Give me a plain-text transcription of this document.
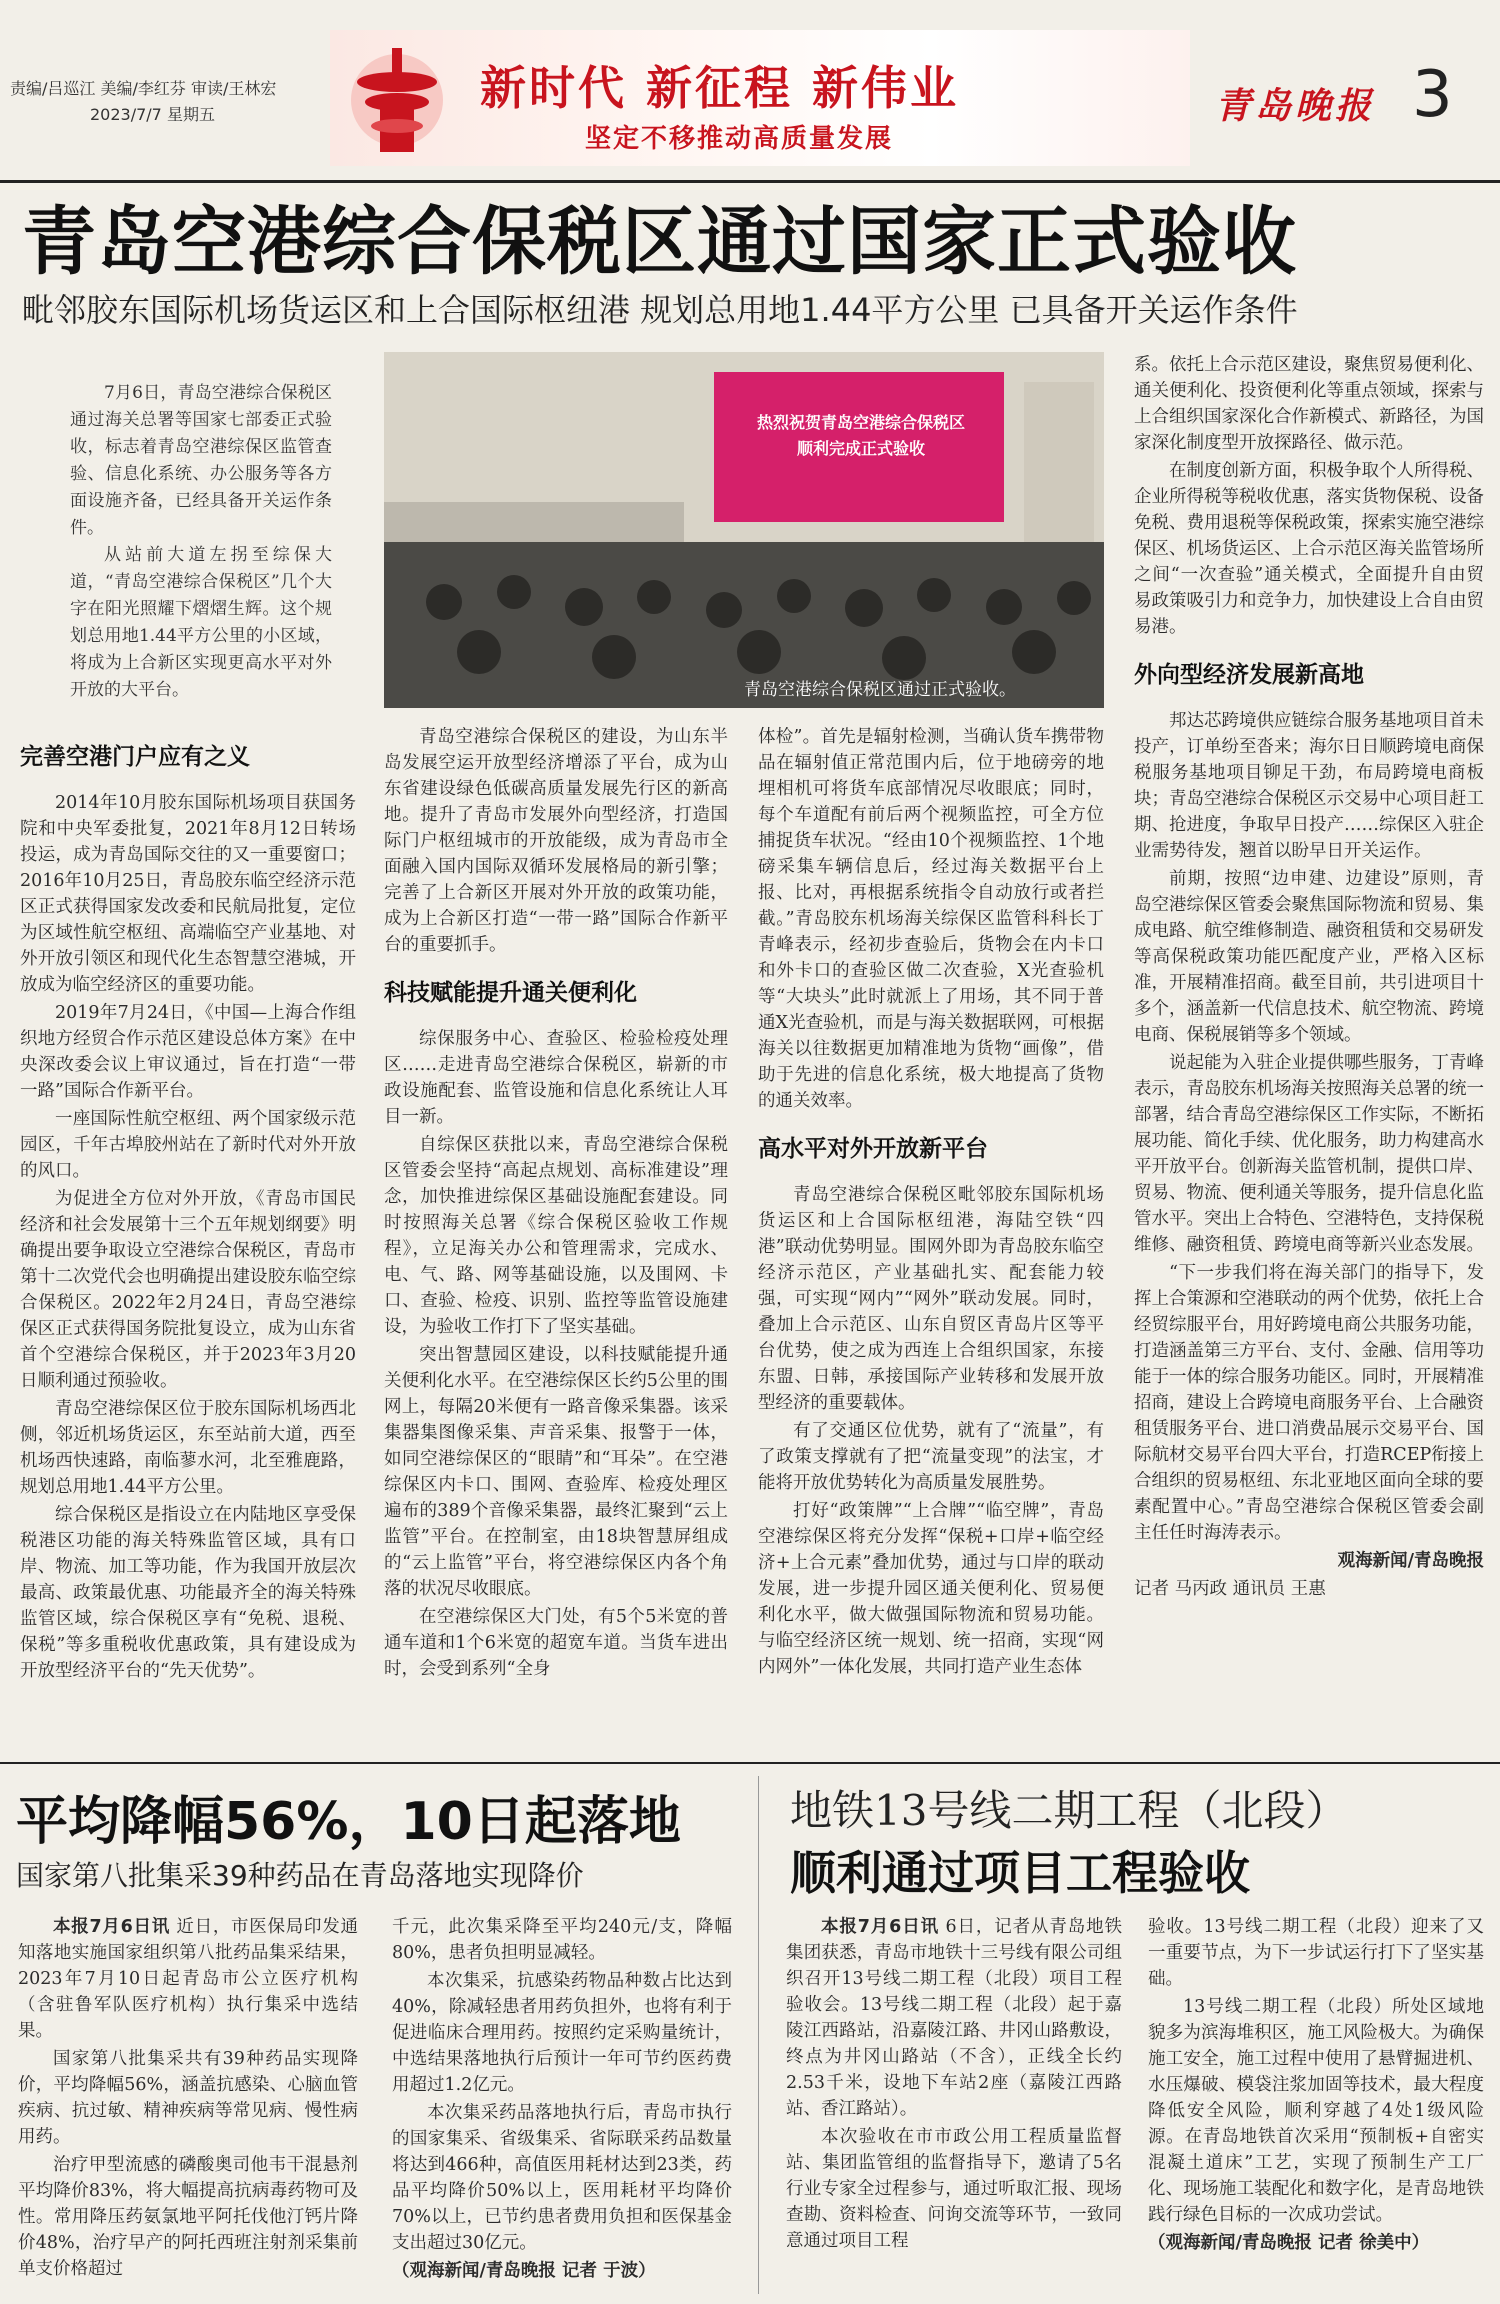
责编/吕巡江 美编/李红芬 审读/王林宏
2023/7/7 星期五	新时代 新征程 新伟业
坚定不移推动高质量发展
青岛晚报 3
青岛空港综合保税区通过国家正式验收
毗邻胶东国际机场货运区和上合国际枢纽港 规划总用地1.44平方公里 已具备开关运作条件

7月6日，青岛空港综合保税区通过海关总署等国家七部委正式验收，标志着青岛空港综保区监管查验、信息化系统、办公服务等各方面设施齐备，已经具备开关运作条件。

从站前大道左拐至综保大道，“青岛空港综合保税区”几个大字在阳光照耀下熠熠生辉。这个规划总用地1.44平方公里的小区域，将成为上合新区实现更高水平对外开放的大平台。

热烈祝贺青岛空港综合保税区
顺利完成正式验收
青岛空港综合保税区通过正式验收。
完善空港门户应有之义

2014年10月胶东国际机场项目获国务院和中央军委批复，2021年8月12日转场投运，成为青岛国际交往的又一重要窗口；2016年10月25日，青岛胶东临空经济示范区正式获得国家发改委和民航局批复，定位为区域性航空枢纽、高端临空产业基地、对外开放引领区和现代化生态智慧空港城，开放成为临空经济区的重要功能。

2019年7月24日，《中国—上海合作组织地方经贸合作示范区建设总体方案》在中央深改委会议上审议通过，旨在打造“一带一路”国际合作新平台。

一座国际性航空枢纽、两个国家级示范园区，千年古埠胶州站在了新时代对外开放的风口。

为促进全方位对外开放，《青岛市国民经济和社会发展第十三个五年规划纲要》明确提出要争取设立空港综合保税区，青岛市第十二次党代会也明确提出建设胶东临空综合保税区。2022年2月24日，青岛空港综保区正式获得国务院批复设立，成为山东省首个空港综合保税区，并于2023年3月20日顺利通过预验收。

青岛空港综保区位于胶东国际机场西北侧，邻近机场货运区，东至站前大道，西至机场西快速路，南临蓼水河，北至雅鹿路，规划总用地1.44平方公里。

综合保税区是指设立在内陆地区享受保税港区功能的海关特殊监管区域，具有口岸、物流、加工等功能，作为我国开放层次最高、政策最优惠、功能最齐全的海关特殊监管区域，综合保税区享有“免税、退税、保税”等多重税收优惠政策，具有建设成为开放型经济平台的“先天优势”。

青岛空港综合保税区的建设，为山东半岛发展空运开放型经济增添了平台，成为山东省建设绿色低碳高质量发展先行区的新高地。提升了青岛市发展外向型经济，打造国际门户枢纽城市的开放能级，成为青岛市全面融入国内国际双循环发展格局的新引擎；完善了上合新区开展对外开放的政策功能，成为上合新区打造“一带一路”国际合作新平台的重要抓手。

科技赋能提升通关便利化

综保服务中心、查验区、检验检疫处理区……走进青岛空港综合保税区，崭新的市政设施配套、监管设施和信息化系统让人耳目一新。

自综保区获批以来，青岛空港综合保税区管委会坚持“高起点规划、高标准建设”理念，加快推进综保区基础设施配套建设。同时按照海关总署《综合保税区验收工作规程》，立足海关办公和管理需求，完成水、电、气、路、网等基础设施，以及围网、卡口、查验、检疫、识别、监控等监管设施建设，为验收工作打下了坚实基础。

突出智慧园区建设，以科技赋能提升通关便利化水平。在空港综保区长约5公里的围网上，每隔20米便有一路音像采集器。该采集器集图像采集、声音采集、报警于一体，如同空港综保区的“眼睛”和“耳朵”。在空港综保区内卡口、围网、查验库、检疫处理区遍布的389个音像采集器，最终汇聚到“云上监管”平台。在控制室，由18块智慧屏组成的“云上监管”平台，将空港综保区内各个角落的状况尽收眼底。

在空港综保区大门处，有5个5米宽的普通车道和1个6米宽的超宽车道。当货车进出时，会受到系列“全身

体检”。首先是辐射检测，当确认货车携带物品在辐射值正常范围内后，位于地磅旁的地埋相机可将货车底部情况尽收眼底；同时，每个车道配有前后两个视频监控，可全方位捕捉货车状况。“经由10个视频监控、1个地磅采集车辆信息后，经过海关数据平台上报、比对，再根据系统指令自动放行或者拦截。”青岛胶东机场海关综保区监管科科长丁青峰表示，经初步查验后，货物会在内卡口和外卡口的查验区做二次查验，X光查验机等“大块头”此时就派上了用场，其不同于普通X光查验机，而是与海关数据联网，可根据海关以往数据更加精准地为货物“画像”，借助于先进的信息化系统，极大地提高了货物的通关效率。

高水平对外开放新平台

青岛空港综合保税区毗邻胶东国际机场货运区和上合国际枢纽港，海陆空铁“四港”联动优势明显。围网外即为青岛胶东临空经济示范区，产业基础扎实、配套能力较强，可实现“网内”“网外”联动发展。同时，叠加上合示范区、山东自贸区青岛片区等平台优势，使之成为西连上合组织国家，东接东盟、日韩，承接国际产业转移和发展开放型经济的重要载体。

有了交通区位优势，就有了“流量”，有了政策支撑就有了把“流量变现”的法宝，才能将开放优势转化为高质量发展胜势。

打好“政策牌”“上合牌”“临空牌”，青岛空港综保区将充分发挥“保税+口岸+临空经济+上合元素”叠加优势，通过与口岸的联动发展，进一步提升园区通关便利化、贸易便利化水平，做大做强国际物流和贸易功能。与临空经济区统一规划、统一招商，实现“网内网外”一体化发展，共同打造产业生态体

系。依托上合示范区建设，聚焦贸易便利化、通关便利化、投资便利化等重点领域，探索与上合组织国家深化合作新模式、新路径，为国家深化制度型开放探路径、做示范。

在制度创新方面，积极争取个人所得税、企业所得税等税收优惠，落实货物保税、设备免税、费用退税等保税政策，探索实施空港综保区、机场货运区、上合示范区海关监管场所之间“一次查验”通关模式，全面提升自由贸易政策吸引力和竞争力，加快建设上合自由贸易港。

外向型经济发展新高地

邦达芯跨境供应链综合服务基地项目首未投产，订单纷至沓来；海尔日日顺跨境电商保税服务基地项目铆足干劲，布局跨境电商板块；青岛空港综合保税区示交易中心项目赶工期、抢进度，争取早日投产……综保区入驻企业需势待发，翘首以盼早日开关运作。

前期，按照“边申建、边建设”原则，青岛空港综保区管委会聚焦国际物流和贸易、集成电路、航空维修制造、融资租赁和交易研发等高保税政策功能匹配度产业，严格入区标准，开展精准招商。截至目前，共引进项目十多个，涵盖新一代信息技术、航空物流、跨境电商、保税展销等多个领域。

说起能为入驻企业提供哪些服务，丁青峰表示，青岛胶东机场海关按照海关总署的统一部署，结合青岛空港综保区工作实际，不断拓展功能、简化手续、优化服务，助力构建高水平开放平台。创新海关监管机制，提供口岸、贸易、物流、便利通关等服务，提升信息化监管水平。突出上合特色、空港特色，支持保税维修、融资租赁、跨境电商等新兴业态发展。

“下一步我们将在海关部门的指导下，发挥上合策源和空港联动的两个优势，依托上合经贸综服平台，用好跨境电商公共服务功能，打造涵盖第三方平台、支付、金融、信用等功能于一体的综合服务功能区。同时，开展精准招商，建设上合跨境电商服务平台、上合融资租赁服务平台、进口消费品展示交易平台、国际航材交易平台四大平台，打造RCEP衔接上合组织的贸易枢纽、东北亚地区面向全球的要素配置中心。”青岛空港综合保税区管委会副主任任时海涛表示。

观海新闻/青岛晚报

记者 马丙政 通讯员 王惠

平均降幅56%，10日起落地
国家第八批集采39种药品在青岛落地实现降价

本报7月6日讯 近日，市医保局印发通知落地实施国家组织第八批药品集采结果，2023年7月10日起青岛市公立医疗机构（含驻鲁军队医疗机构）执行集采中选结果。

国家第八批集采共有39种药品实现降价，平均降幅56%，涵盖抗感染、心脑血管疾病、抗过敏、精神疾病等常见病、慢性病用药。

治疗甲型流感的磷酸奥司他韦干混悬剂平均降价83%，将大幅提高抗病毒药物可及性。常用降压药氨氯地平阿托伐他汀钙片降价48%，治疗早产的阿托西班注射剂采集前单支价格超过

千元，此次集采降至平均240元/支，降幅80%，患者负担明显减轻。

本次集采，抗感染药物品种数占比达到40%，除减轻患者用药负担外，也将有利于促进临床合理用药。按照约定采购量统计，中选结果落地执行后预计一年可节约医药费用超过1.2亿元。

本次集采药品落地执行后，青岛市执行的国家集采、省级集采、省际联采药品数量将达到466种，高值医用耗材达到23类，药品平均降价50%以上，医用耗材平均降价70%以上，已节约患者费用负担和医保基金支出超过30亿元。

（观海新闻/青岛晚报 记者 于波）

地铁13号线二期工程（北段）
顺利通过项目工程验收

本报7月6日讯 6日，记者从青岛地铁集团获悉，青岛市地铁十三号线有限公司组织召开13号线二期工程（北段）项目工程验收会。13号线二期工程（北段）起于嘉陵江西路站，沿嘉陵江路、井冈山路敷设，终点为井冈山路站（不含），正线全长约2.53千米，设地下车站2座（嘉陵江西路站、香江路站）。

本次验收在市市政公用工程质量监督站、集团监管组的监督指导下，邀请了5名行业专家全过程参与，通过听取汇报、现场查勘、资料检查、问询交流等环节，一致同意通过项目工程

验收。13号线二期工程（北段）迎来了又一重要节点，为下一步试运行打下了坚实基础。

13号线二期工程（北段）所处区域地貌多为滨海堆积区，施工风险极大。为确保施工安全，施工过程中使用了悬臂掘进机、水压爆破、模袋注浆加固等技术，最大程度降低安全风险，顺利穿越了4处1级风险源。在青岛地铁首次采用“预制板+自密实混凝土道床”工艺，实现了预制生产工厂化、现场施工装配化和数字化，是青岛地铁践行绿色目标的一次成功尝试。

（观海新闻/青岛晚报 记者 徐美中）
